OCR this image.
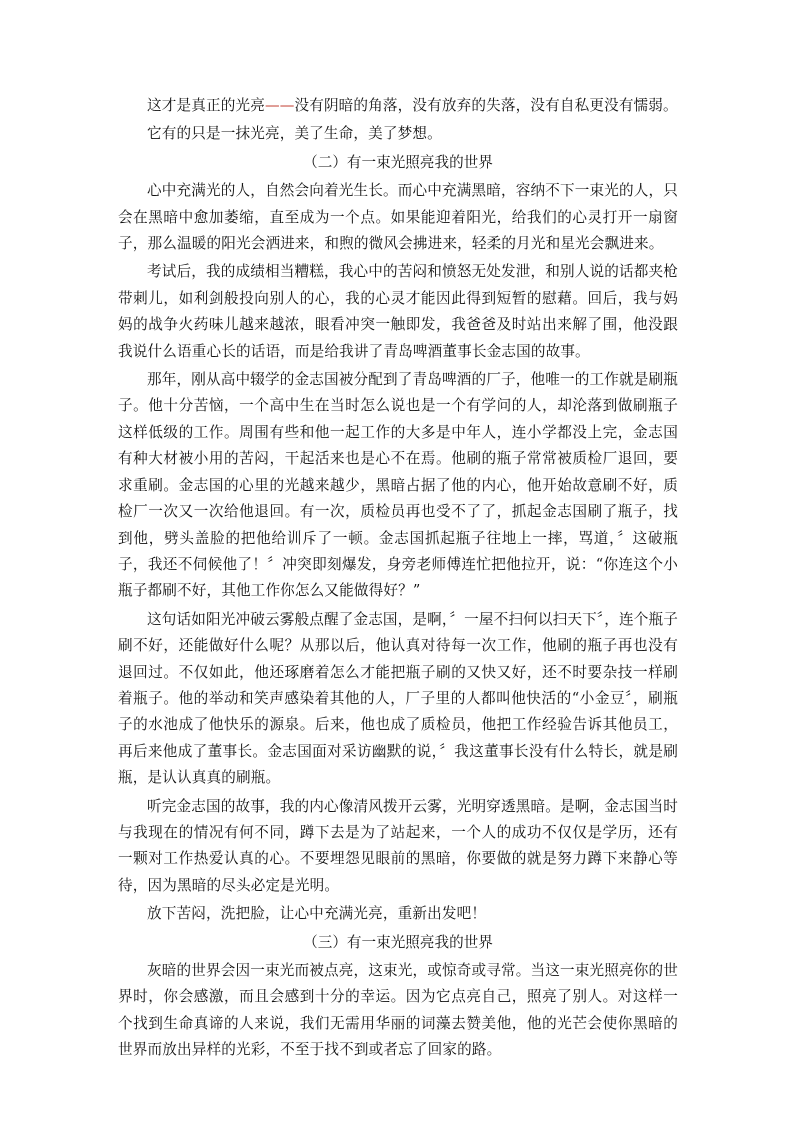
这才是真正的光亮——没有阴暗的角落，没有放弃的失落，没有自私更没有懦弱。

它有的只是一抹光亮，美了生命，美了梦想。

（二）有一束光照亮我的世界

心中充满光的人，自然会向着光生长。而心中充满黑暗，容纳不下一束光的人，只会在黑暗中愈加萎缩，直至成为一个点。如果能迎着阳光，给我们的心灵打开一扇窗子，那么温暖的阳光会洒进来，和煦的微风会拂进来，轻柔的月光和星光会飘进来。

考试后，我的成绩相当糟糕，我心中的苦闷和愤怒无处发泄，和别人说的话都夹枪带刺儿，如利剑般投向别人的心，我的心灵才能因此得到短暂的慰藉。回后，我与妈妈的战争火药味儿越来越浓，眼看冲突一触即发，我爸爸及时站出来解了围，他没跟我说什么语重心长的话语，而是给我讲了青岛啤酒董事长金志国的故事。

那年，刚从高中辍学的金志国被分配到了青岛啤酒的厂子，他唯一的工作就是刷瓶子。他十分苦恼，一个高中生在当时怎么说也是一个有学问的人，却沦落到做刷瓶子这样低级的工作。周围有些和他一起工作的大多是中年人，连小学都没上完，金志国有种大材被小用的苦闷，干起活来也是心不在焉。他刷的瓶子常常被质检厂退回，要求重刷。金志国的心里的光越来越少，黑暗占据了他的内心，他开始故意刷不好，质检厂一次又一次给他退回。有一次，质检员再也受不了了，抓起金志国刷了瓶子，找到他，劈头盖脸的把他给训斥了一顿。金志国抓起瓶子往地上一摔，骂道，〞这破瓶子，我还不伺候他了！〞冲突即刻爆发，身旁老师傅连忙把他拉开，说：“你连这个小瓶子都刷不好，其他工作你怎么又能做得好？”

这句话如阳光冲破云雾般点醒了金志国，是啊，〞一屋不扫何以扫天下〞，连个瓶子刷不好，还能做好什么呢？从那以后，他认真对待每一次工作，他刷的瓶子再也没有退回过。不仅如此，他还琢磨着怎么才能把瓶子刷的又快又好，还不时要杂技一样刷着瓶子。他的举动和笑声感染着其他的人，厂子里的人都叫他快活的“小金豆〞，刷瓶子的水池成了他快乐的源泉。后来，他也成了质检员，他把工作经验告诉其他员工，再后来他成了董事长。金志国面对采访幽默的说，〞我这董事长没有什么特长，就是刷瓶，是认认真真的刷瓶。

听完金志国的故事，我的内心像清风拨开云雾，光明穿透黑暗。是啊，金志国当时与我现在的情况有何不同，蹲下去是为了站起来，一个人的成功不仅仅是学历，还有一颗对工作热爱认真的心。不要埋怨见眼前的黑暗，你要做的就是努力蹲下来静心等待，因为黑暗的尽头必定是光明。

放下苦闷，洗把脸，让心中充满光亮，重新出发吧！

（三）有一束光照亮我的世界

灰暗的世界会因一束光而被点亮，这束光，或惊奇或寻常。当这一束光照亮你的世界时，你会感激，而且会感到十分的幸运。因为它点亮自己，照亮了别人。对这样一个找到生命真谛的人来说，我们无需用华丽的词藻去赞美他，他的光芒会使你黑暗的世界而放出异样的光彩，不至于找不到或者忘了回家的路。
